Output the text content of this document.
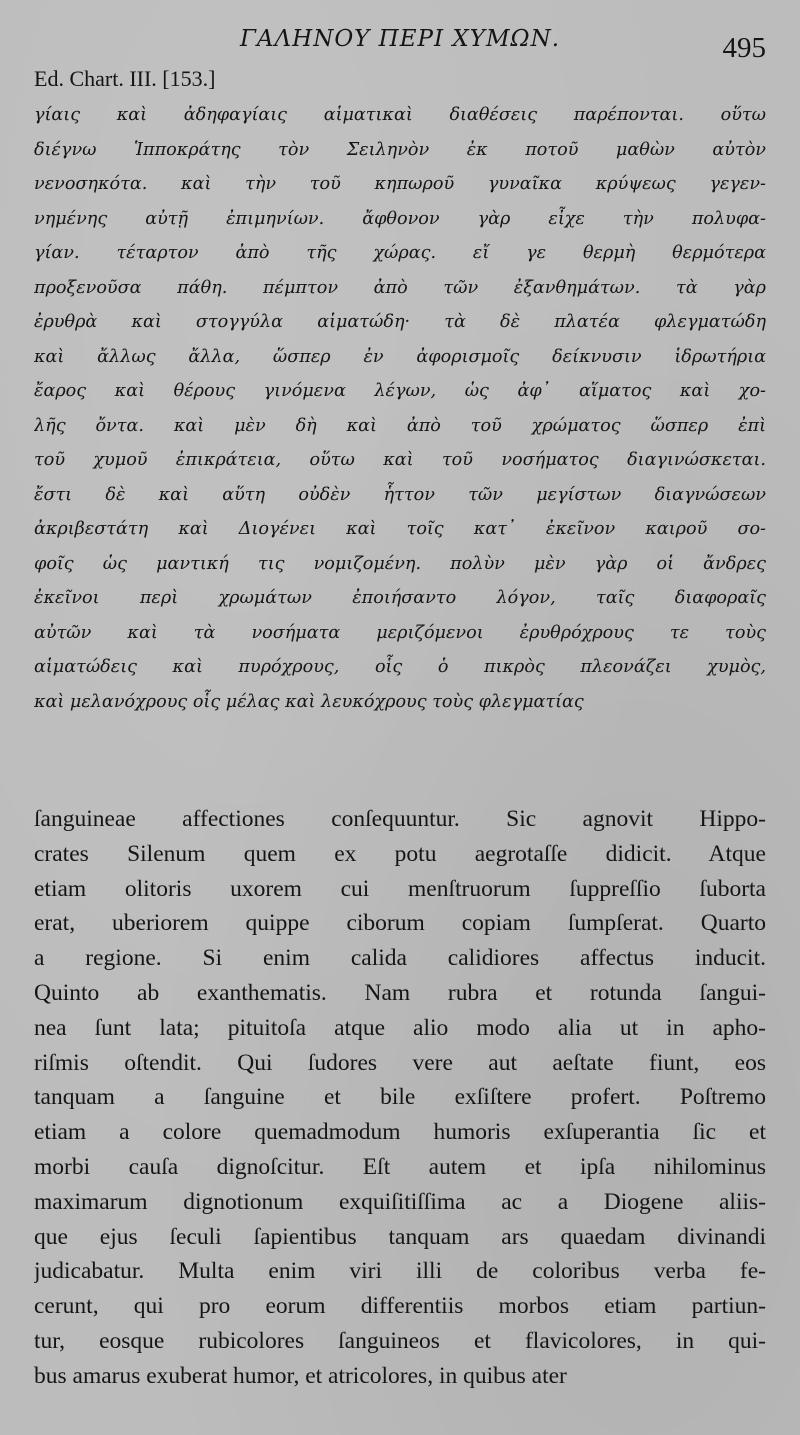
ΓΑΛΗΝΟΥ ΠΕΡΙ ΧΥΜΩΝ.	495
Ed. Chart. III. [153.]
γίαις καὶ ἀδηφαγίαις αἱματικαὶ διαθέσεις παρέπονται. οὕτω
διέγνω Ἱπποκράτης τὸν Σειληνὸν ἐκ ποτοῦ μαθὼν αὐτὸν
νενοσηκότα. καὶ τὴν τοῦ κηπωροῦ γυναῖκα κρύψεως γεγεν-
νημένης αὐτῇ ἐπιμηνίων. ἄφθονον γὰρ εἶχε τὴν πολυφα-
γίαν. τέταρτον ἀπὸ τῆς χώρας. εἴ γε θερμὴ θερμότερα
προξενοῦσα πάθη. πέμπτον ἀπὸ τῶν ἐξανθημάτων. τὰ γὰρ
ἐρυθρὰ καὶ στογγύλα αἱματώδη· τὰ δὲ πλατέα φλεγματώδη
καὶ ἄλλως ἄλλα, ὥσπερ ἐν ἀφορισμοῖς δείκνυσιν ἱδρωτήρια
ἔαρος καὶ θέρους γινόμενα λέγων, ὡς ἀφ᾽ αἵματος καὶ χο-
λῆς ὄντα. καὶ μὲν δὴ καὶ ἀπὸ τοῦ χρώματος ὥσπερ ἐπὶ
τοῦ χυμοῦ ἐπικράτεια, οὕτω καὶ τοῦ νοσήματος διαγινώσκεται.
ἔστι δὲ καὶ αὕτη οὐδὲν ἧττον τῶν μεγίστων διαγνώσεων
ἀκριβεστάτη καὶ Διογένει καὶ τοῖς κατ᾽ ἐκεῖνον καιροῦ σο-
φοῖς ὡς μαντική τις νομιζομένη. πολὺν μὲν γὰρ οἱ ἄνδρες
ἐκεῖνοι περὶ χρωμάτων ἐποιήσαντο λόγον, ταῖς διαφοραῖς
αὐτῶν καὶ τὰ νοσήματα μεριζόμενοι ἐρυθρόχρους τε τοὺς
αἱματώδεις καὶ πυρόχρους, οἷς ὁ πικρὸς πλεονάζει χυμὸς,
καὶ μελανόχρους οἷς μέλας καὶ λευκόχρους τοὺς φλεγματίας
ſanguineae affectiones conſequuntur. Sic agnovit Hippo-
crates Silenum quem ex potu aegrotaſſe didicit. Atque
etiam olitoris uxorem cui menſtruorum ſuppreſſio ſuborta
erat, uberiorem quippe ciborum copiam ſumpſerat. Quarto
a regione. Si enim calida calidiores affectus inducit.
Quinto ab exanthematis. Nam rubra et rotunda ſangui-
nea ſunt lata; pituitoſa atque alio modo alia ut in apho-
riſmis oſtendit. Qui ſudores vere aut aeſtate fiunt, eos
tanquam a ſanguine et bile exſiſtere profert. Poſtremo
etiam a colore quemadmodum humoris exſuperantia ſic et
morbi cauſa dignoſcitur. Eſt autem et ipſa nihilominus
maximarum dignotionum exquiſitiſſima ac a Diogene aliis-
que ejus ſeculi ſapientibus tanquam ars quaedam divinandi
judicabatur. Multa enim viri illi de coloribus verba fe-
cerunt, qui pro eorum differentiis morbos etiam partiun-
tur, eosque rubicolores ſanguineos et flavicolores, in qui-
bus amarus exuberat humor, et atricolores, in quibus ater
